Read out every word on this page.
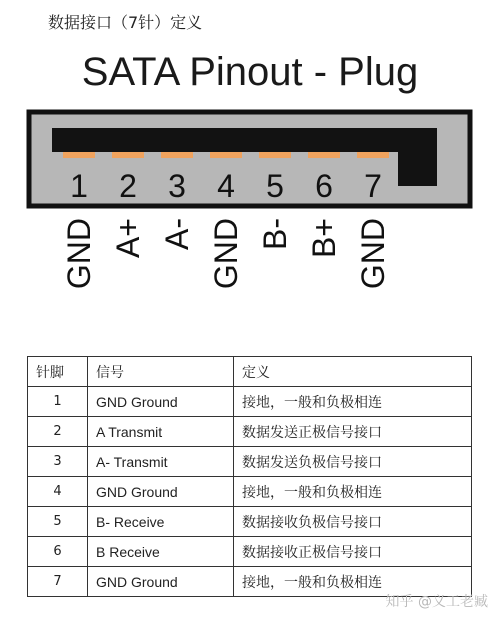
数据接口（7针）定义
SATA Pinout - Plug
1 2 3 4 5 6 7
GND A+ A- GND B- B+ GND
针脚	信号	定义
1	GND Ground	接地，一般和负极相连
2	A Transmit	数据发送正极信号接口
3	A- Transmit	数据发送负极信号接口
4	GND Ground	接地，一般和负极相连
5	B- Receive	数据接收负极信号接口
6	B Receive	数据接收正极信号接口
7	GND Ground	接地，一般和负极相连
知乎 @义工老臧
